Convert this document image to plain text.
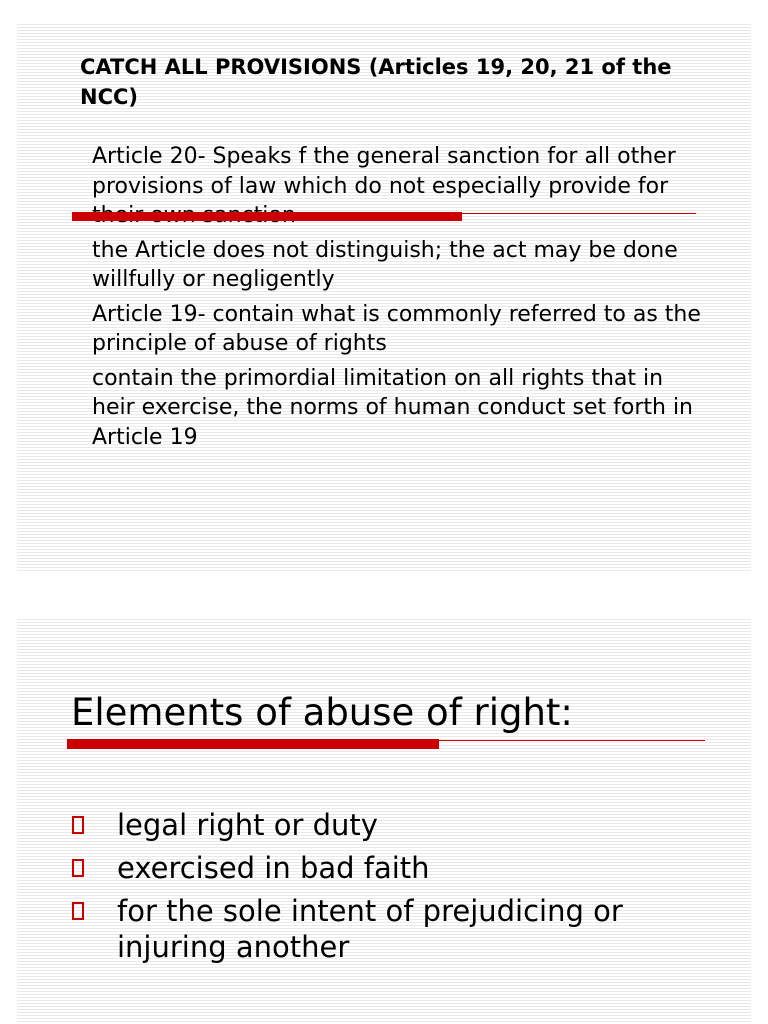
CATCH ALL PROVISIONS (Articles 19, 20, 21 of the NCC)

Article 20- Speaks f the general sanction for all other provisions of law which do not especially provide for

the Article does not distinguish; the act may be done willfully or negligently

Article 19- contain what is commonly referred to as the principle of abuse of rights

contain the primordial limitation on all rights that in heir exercise, the norms of human conduct set forth in Article 19

Elements of abuse of right:
legal right or duty
exercised in bad faith
for the sole intent of prejudicing or injuring another
